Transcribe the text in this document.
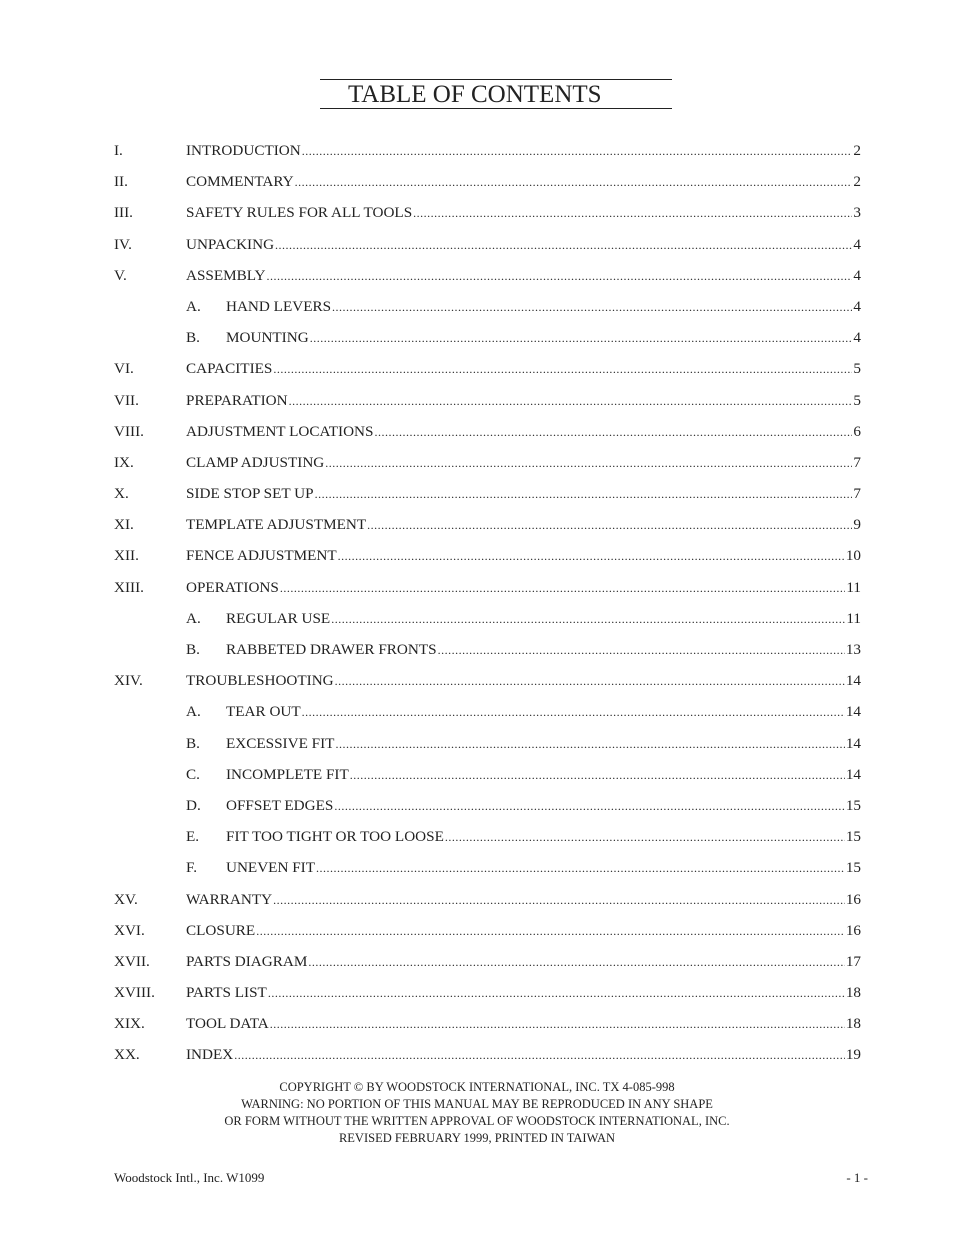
TABLE OF CONTENTS
I.	INTRODUCTION .....	2
II.	COMMENTARY .....	2
III.	SAFETY RULES FOR ALL TOOLS .....	3
IV.	UNPACKING .....	4
V.	ASSEMBLY .....	4
A. HAND LEVERS .....	4
B. MOUNTING .....	4
VI.	CAPACITIES .....	5
VII.	PREPARATION .....	5
VIII.	ADJUSTMENT LOCATIONS .....	6
IX.	CLAMP ADJUSTING .....	7
X.	SIDE STOP SET UP .....	7
XI.	TEMPLATE ADJUSTMENT .....	9
XII.	FENCE ADJUSTMENT .....	10
XIII.	OPERATIONS .....	11
A. REGULAR USE .....	11
B. RABBETED DRAWER FRONTS .....	13
XIV.	TROUBLESHOOTING .....	14
A. TEAR OUT .....	14
B. EXCESSIVE FIT .....	14
C. INCOMPLETE FIT .....	14
D. OFFSET EDGES .....	15
E. FIT TOO TIGHT OR TOO LOOSE .....	15
F. UNEVEN FIT .....	15
XV.	WARRANTY .....	16
XVI.	CLOSURE .....	16
XVII. PARTS DIAGRAM .....	17
XVIII. PARTS LIST .....	18
XIX.	TOOL DATA .....	18
XX.	INDEX .....	19
COPYRIGHT © BY WOODSTOCK INTERNATIONAL, INC. TX 4-085-998
WARNING: NO PORTION OF THIS MANUAL MAY BE REPRODUCED IN ANY SHAPE
OR FORM WITHOUT THE WRITTEN APPROVAL OF WOODSTOCK INTERNATIONAL, INC.
REVISED FEBRUARY 1999, PRINTED IN TAIWAN
Woodstock Intl., Inc. W1099	- 1 -
